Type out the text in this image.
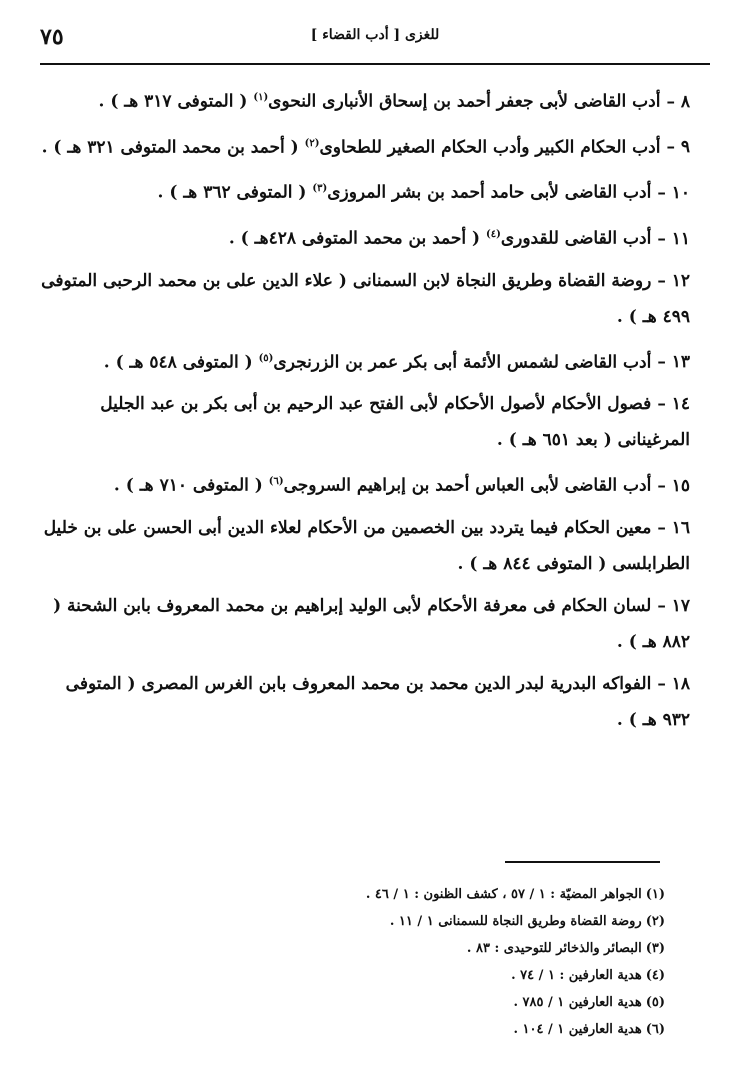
٧٥	[ أدب القضاء ] للغزى
٨ –أدب القاضى لأبى جعفر أحمد بن إسحاق الأنبارى النحوى$^{(١)}$ ( المتوفى ٣١٧ هـ ) .
٩ –أدب الحكام الكبير وأدب الحكام الصغير للطحاوى$^{(٢)}$ ( أحمد بن محمد المتوفى ٣٢١ هـ ) .
١٠ –أدب القاضى لأبى حامد أحمد بن بشر المروزى$^{(٣)}$ ( المتوفى ٣٦٢ هـ ) .
١١ –أدب القاضى للقدورى$^{(٤)}$ ( أحمد بن محمد المتوفى ٤٢٨هـ ) .
١٢ –روضة القضاة وطريق النجاة لابن السمنانى ( علاء الدين على بن محمد الرحبى المتوفى ٤٩٩ هـ ) .
١٣ –أدب القاضى لشمس الأئمة أبى بكر عمر بن الزرنجرى$^{(٥)}$ ( المتوفى ٥٤٨ هـ ) .
١٤ –فصول الأحكام لأصول الأحكام لأبى الفتح عبد الرحيم بن أبى بكر بن عبد الجليل المرغينانى ( بعد ٦٥١ هـ ) .
١٥ –أدب القاضى لأبى العباس أحمد بن إبراهيم السروجى$^{(٦)}$ ( المتوفى ٧١٠ هـ ) .
١٦ –معين الحكام فيما يتردد بين الخصمين من الأحكام لعلاء الدين أبى الحسن على بن خليل الطرابلسى ( المتوفى ٨٤٤ هـ ) .
١٧ –لسان الحكام فى معرفة الأحكام لأبى الوليد إبراهيم بن محمد المعروف بابن الشحنة ( ٨٨٢ هـ ) .
١٨ –الفواكه البدرية لبدر الدين محمد بن محمد المعروف بابن الغرس المصرى ( المتوفى ٩٣٢ هـ ) .
(١)الجواهر المضيّة : ١ / ٥٧ ، كشف الظنون : ١ / ٤٦ .
(٢)روضة القضاة وطريق النجاة للسمنانى ١ / ١١ .
(٣)البصائر والذخائر للتوحيدى : ٨٣ .
(٤)هدية العارفين : ١ / ٧٤ .
(٥)هدية العارفين ١ / ٧٨٥ .
(٦)هدية العارفين ١ / ١٠٤ .
